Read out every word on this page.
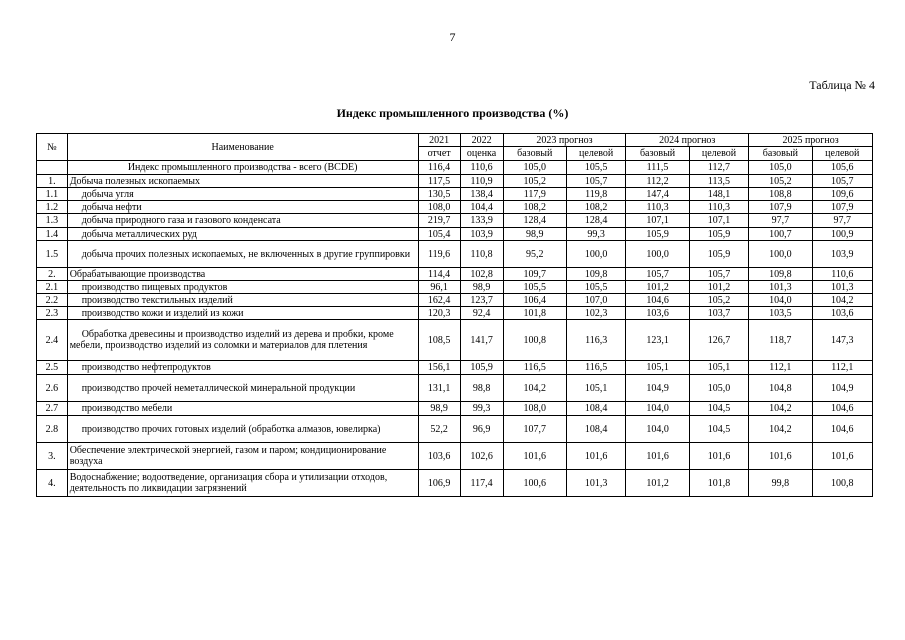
7
Таблица № 4
Индекс промышленного производства (%)
№	Наименование	2021	2022	2023 прогноз		2024 прогноз		2025 прогноз	
		отчет	оценка	базовый	целевой	базовый	целевой	базовый	целевой
	Индекс промышленного производства - всего (BCDE)	116,4	110,6	105,0	105,5	111,5	112,7	105,0	105,6
1.	Добыча полезных ископаемых	117,5	110,9	105,2	105,7	112,2	113,5	105,2	105,7
1.1	добыча угля	130,5	138,4	117,9	119,8	147,4	148,1	108,8	109,6
1.2	добыча нефти	108,0	104,4	108,2	108,2	110,3	110,3	107,9	107,9
1.3	добыча природного газа и газового конденсата	219,7	133,9	128,4	128,4	107,1	107,1	97,7	97,7
1.4	добыча металлических руд	105,4	103,9	98,9	99,3	105,9	105,9	100,7	100,9
1.5	добыча прочих полезных ископаемых, не включенных в другие группировки	119,6	110,8	95,2	100,0	100,0	105,9	100,0	103,9
2.	Обрабатывающие производства	114,4	102,8	109,7	109,8	105,7	105,7	109,8	110,6
2.1	производство пищевых продуктов	96,1	98,9	105,5	105,5	101,2	101,2	101,3	101,3
2.2	производство текстильных изделий	162,4	123,7	106,4	107,0	104,6	105,2	104,0	104,2
2.3	производство кожи и изделий из кожи	120,3	92,4	101,8	102,3	103,6	103,7	103,5	103,6
2.4	Обработка древесины и производство изделий из дерева и пробки, кроме мебели, производство изделий из соломки и материалов для плетения	108,5	141,7	100,8	116,3	123,1	126,7	118,7	147,3
2.5	производство нефтепродуктов	156,1	105,9	116,5	116,5	105,1	105,1	112,1	112,1
2.6	производство прочей неметаллической минеральной продукции	131,1	98,8	104,2	105,1	104,9	105,0	104,8	104,9
2.7	производство мебели	98,9	99,3	108,0	108,4	104,0	104,5	104,2	104,6
2.8	производство прочих готовых изделий (обработка алмазов, ювелирка)	52,2	96,9	107,7	108,4	104,0	104,5	104,2	104,6
3.	Обеспечение электрической энергией, газом и паром; кондиционирование воздуха	103,6	102,6	101,6	101,6	101,6	101,6	101,6	101,6
4.	Водоснабжение; водоотведение, организация сбора и утилизации отходов, деятельность по ликвидации загрязнений	106,9	117,4	100,6	101,3	101,2	101,8	99,8	100,8
